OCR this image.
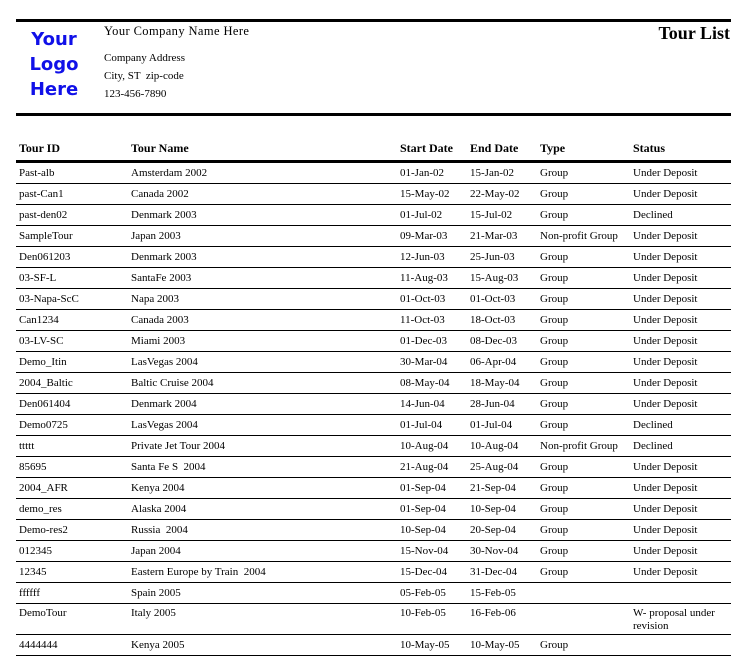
Your
Logo
Here
Your Company Name Here
Company Address
City, ST  zip-code
123-456-7890
Tour List
Tour ID	Tour Name	Start Date	End Date	Type	Status
Past-alb	Amsterdam 2002	01-Jan-02	15-Jan-02	Group	Under Deposit
past-Can1	Canada 2002	15-May-02	22-May-02	Group	Under Deposit
past-den02	Denmark 2003	01-Jul-02	15-Jul-02	Group	Declined
SampleTour	Japan 2003	09-Mar-03	21-Mar-03	Non-profit Group	Under Deposit
Den061203	Denmark 2003	12-Jun-03	25-Jun-03	Group	Under Deposit
03-SF-L	SantaFe 2003	11-Aug-03	15-Aug-03	Group	Under Deposit
03-Napa-ScC	Napa 2003	01-Oct-03	01-Oct-03	Group	Under Deposit
Can1234	Canada 2003	11-Oct-03	18-Oct-03	Group	Under Deposit
03-LV-SC	Miami 2003	01-Dec-03	08-Dec-03	Group	Under Deposit
Demo_Itin	LasVegas 2004	30-Mar-04	06-Apr-04	Group	Under Deposit
2004_Baltic	Baltic Cruise 2004	08-May-04	18-May-04	Group	Under Deposit
Den061404	Denmark 2004	14-Jun-04	28-Jun-04	Group	Under Deposit
Demo0725	LasVegas 2004	01-Jul-04	01-Jul-04	Group	Declined
ttttt	Private Jet Tour 2004	10-Aug-04	10-Aug-04	Non-profit Group	Declined
85695	Santa Fe S  2004	21-Aug-04	25-Aug-04	Group	Under Deposit
2004_AFR	Kenya 2004	01-Sep-04	21-Sep-04	Group	Under Deposit
demo_res	Alaska 2004	01-Sep-04	10-Sep-04	Group	Under Deposit
Demo-res2	Russia  2004	10-Sep-04	20-Sep-04	Group	Under Deposit
012345	Japan 2004	15-Nov-04	30-Nov-04	Group	Under Deposit
12345	Eastern Europe by Train  2004	15-Dec-04	31-Dec-04	Group	Under Deposit
ffffff	Spain 2005	05-Feb-05	15-Feb-05		
DemoTour	Italy 2005	10-Feb-05	16-Feb-06		W- proposal under revision
4444444	Kenya 2005	10-May-05	10-May-05	Group	
